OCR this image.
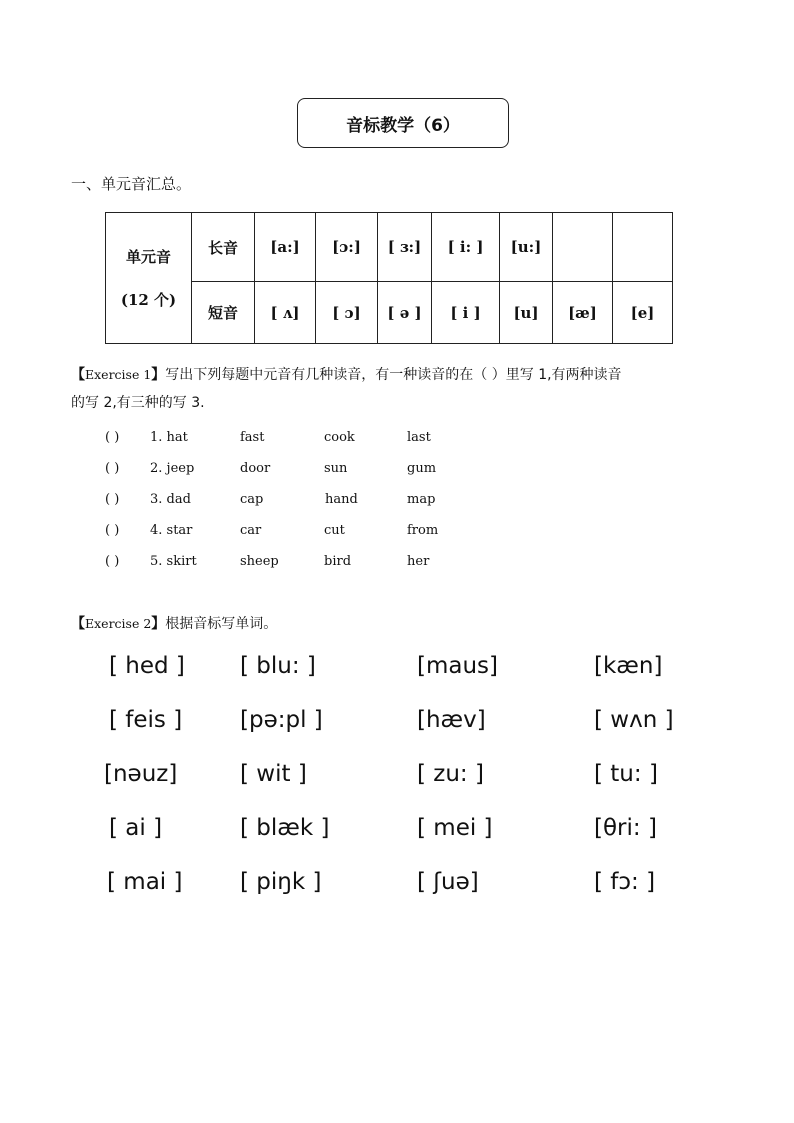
音标教学（6）
一、单元音汇总。
单元音
(12 个)	长音	[a:]	[ɔ:]	[ ɜ:]	[ i: ]	[u:]		
	短音	[ ʌ]	[ ɔ]	[ ə ]	[ i ]	[u]	[æ]	[e]
【Exercise 1】写出下列每题中元音有几种读音，有一种读音的在（ ）里写 1,有两种读音
的写 2,有三种的写 3.
( ) 1. hat	fast	cook	last
( ) 2. jeep	door	sun	gum
( ) 3. dad	cap	hand	map
( ) 4. star	car	cut	from
( ) 5. skirt	sheep	bird	her
【Exercise 2】根据音标写单词。
[ hed ] [ blu: ]	[maus]	[kæn]
[ feis ]	[pə:pl ]	[hæv]	[ wʌn ]
[nəuz]	[ wit ]	[ zu: ]	[ tu: ]
[ ai ]	[ blæk ]	[ mei ]	[θri: ]
[ mai ]	[ piŋk ]	[ ʃuə]	[ fɔ: ]
